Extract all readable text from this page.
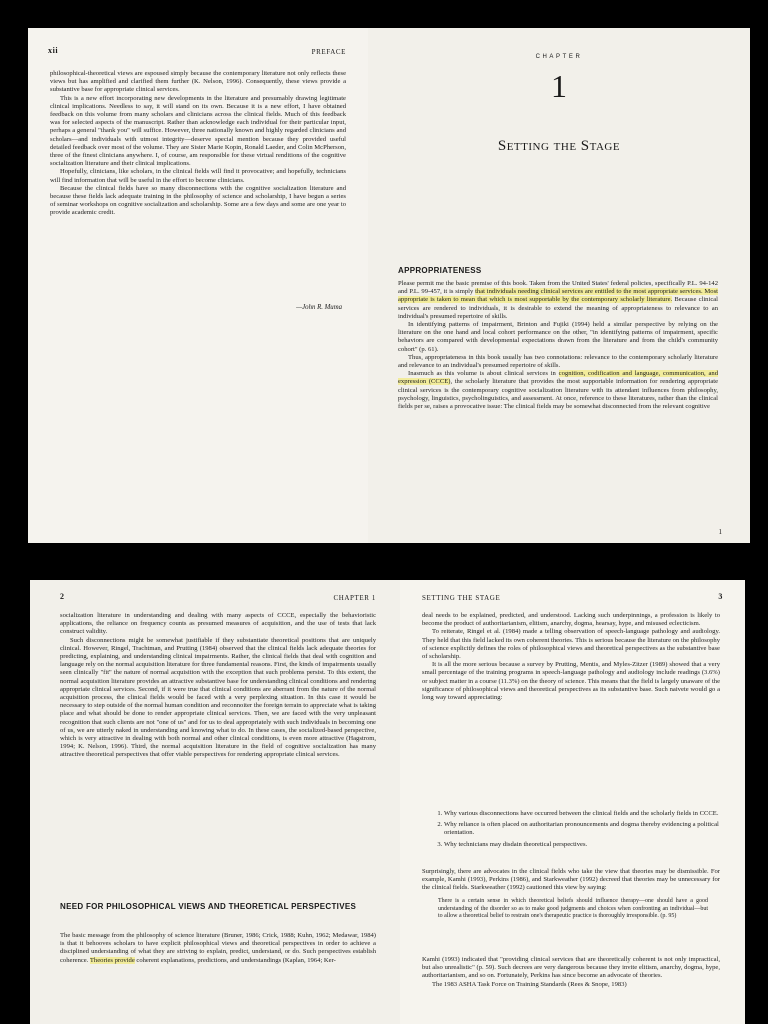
xii	PREFACE

philosophical-theoretical views are espoused simply because the contemporary literature not only reflects these views but has amplified and clarified them further (K. Nelson, 1996). Consequently, these views provide a substantive base for appropriate clinical services.

This is a new effort incorporating new developments in the literature and presumably drawing legitimate clinical implications. Needless to say, it will stand on its own. Because it is a new effort, I have obtained feedback on this volume from many scholars and clinicians across the clinical fields. Much of this feedback was for selected aspects of the manuscript. Rather than acknowledge each individual for their particular input, perhaps a general "thank you" will suffice. However, three nationally known and highly regarded clinicians and scholars—and individuals with utmost integrity—deserve special mention because they provided useful detailed feedback over most of the volume. They are Sister Marie Kopin, Ronald Laeder, and Colin McPherson, three of the finest clinicians anywhere. I, of course, am responsible for these virtual renditions of the cognitive socialization literature and their clinical implications.

Hopefully, clinicians, like scholars, in the clinical fields will find it provocative; and hopefully, technicians will find information that will be useful in the effort to become clinicians.

Because the clinical fields have so many disconnections with the cognitive socialization literature and because these fields lack adequate training in the philosophy of science and scholarship, I have begun a series of seminar workshops on cognitive socialization and scholarship. Some are a few days and some are one year to provide academic credit.

—John R. Muma
CHAPTER
1
Setting the Stage
APPROPRIATENESS

Please permit me the basic premise of this book. Taken from the United States' federal policies, specifically P.L. 94-142 and P.L. 99-457, it is simply that individuals needing clinical services are entitled to the most appropriate services. Most appropriate is taken to mean that which is most supportable by the contemporary scholarly literature. Because clinical services are rendered to individuals, it is desirable to extend the meaning of appropriateness to relevance to an individual's presumed repertoire of skills.

In identifying patterns of impairment, Brinton and Fujiki (1994) held a similar perspective by relying on the literature on the one hand and local cohort performance on the other, "in identifying patterns of impairment, specific behaviors are compared with developmental expectations drawn from the literature and from the child's community cohort" (p. 61).

Thus, appropriateness in this book usually has two connotations: relevance to the contemporary scholarly literature and relevance to an individual's presumed repertoire of skills.

Inasmuch as this volume is about clinical services in cognition, codification and language, communication, and expression (CCCE), the scholarly literature that provides the most supportable information for rendering appropriate clinical services is the contemporary cognitive socialization literature with its attendant influences from philosophy, psychology, linguistics, psycholinguistics, and assessment. At once, reference to these literatures, rather than the clinical fields per se, raises a provocative issue: The clinical fields may be somewhat disconnected from the relevant cognitive

1
2	CHAPTER 1

socialization literature in understanding and dealing with many aspects of CCCE, especially the behavioristic applications, the reliance on frequency counts as presumed measures of acquisition, and the use of tests that lack construct validity.

Such disconnections might be somewhat justifiable if they substantiate theoretical positions that are uniquely clinical. However, Ringel, Trachtman, and Prutting (1984) observed that the clinical fields lack adequate theories for predicting, explaining, and understanding clinical impairments. Rather, the clinical fields that deal with cognition and language rely on the normal acquisition literature for three fundamental reasons. First, the kinds of impairments usually seen clinically "fit" the nature of normal acquisition with the exception that such problems persist. To this extent, the normal acquisition literature provides an attractive substantive base for understanding clinical conditions and rendering appropriate clinical services. Second, if it were true that clinical conditions are aberrant from the nature of the normal acquisition process, the clinical fields would be faced with a very perplexing situation. In this case it would be necessary to step outside of the normal human condition and reconnoiter the foreign terrain to appreciate what is taking place and what should be done to render appropriate clinical services. Then, we are faced with the very unpleasant recognition that such clients are not "one of us" and for us to deal appropriately with such individuals in becoming one of us, we are utterly naked in understanding and knowing what to do. In these cases, the socialized-based perspective, which is very attractive in dealing with both normal and other clinical conditions, is even more attractive (Hagstrom, 1994; K. Nelson, 1996). Third, the normal acquisition literature in the field of cognitive socialization has many attractive theoretical perspectives that offer viable perspectives for rendering appropriate clinical services.

NEED FOR PHILOSOPHICAL VIEWS AND THEORETICAL PERSPECTIVES

The basic message from the philosophy of science literature (Bruner, 1986; Crick, 1988; Kuhn, 1962; Medawar, 1984) is that it behooves scholars to have explicit philosophical views and theoretical perspectives in order to achieve a disciplined understanding of what they are striving to explain, predict, understand, or do. Such perspectives establish coherence. Theories provide coherent explanations, predictions, and understandings (Kaplan, 1964; Ker-

SETTING THE STAGE	3

deal needs to be explained, predicted, and understood. Lacking such underpinnings, a profession is likely to become the product of authoritarianism, elitism, anarchy, dogma, hearsay, hype, and misused eclecticism.

To reiterate, Ringel et al. (1984) made a telling observation of speech-language pathology and audiology. They held that this field lacked its own coherent theories. This is serious because the literature on the philosophy of science explicitly defines the roles of philosophical views and theoretical perspectives as the substantive base of scholarship.

It is all the more serious because a survey by Prutting, Mentis, and Myles-Zitzer (1989) showed that a very small percentage of the training programs in speech-language pathology and audiology include readings (3.6%) or subject matter in a course (11.3%) on the theory of science. This means that the field is largely unaware of the significance of philosophical views and theoretical perspectives as its substantive base. Such naivete would go a long way toward appreciating:

1. Why various disconnections have occurred between the clinical fields and the scholarly fields in CCCE.
2. Why reliance is often placed on authoritarian pronouncements and dogma thereby evidencing a political orientation.
3. Why technicians may disdain theoretical perspectives.

Surprisingly, there are advocates in the clinical fields who take the view that theories may be dismissible. For example, Kamhi (1993), Perkins (1986), and Starkweather (1992) decreed that theories may be unnecessary for the clinical fields. Starkweather (1992) cautioned this view by saying:

There is a certain sense in which theoretical beliefs should influence therapy—one should have a good understanding of the disorder so as to make good judgments and choices when confronting an individual—but to allow a theoretical belief to restrain one's therapeutic practice is thoroughly irresponsible. (p. 95)

Kamhi (1993) indicated that "providing clinical services that are theoretically coherent is not only impractical, but also unrealistic" (p. 59). Such decrees are very dangerous because they invite elitism, anarchy, dogma, hype, authoritarianism, and so on. Fortunately, Perkins has since become an advocate of theories.

The 1983 ASHA Task Force on Training Standards (Rees & Snope, 1983)
